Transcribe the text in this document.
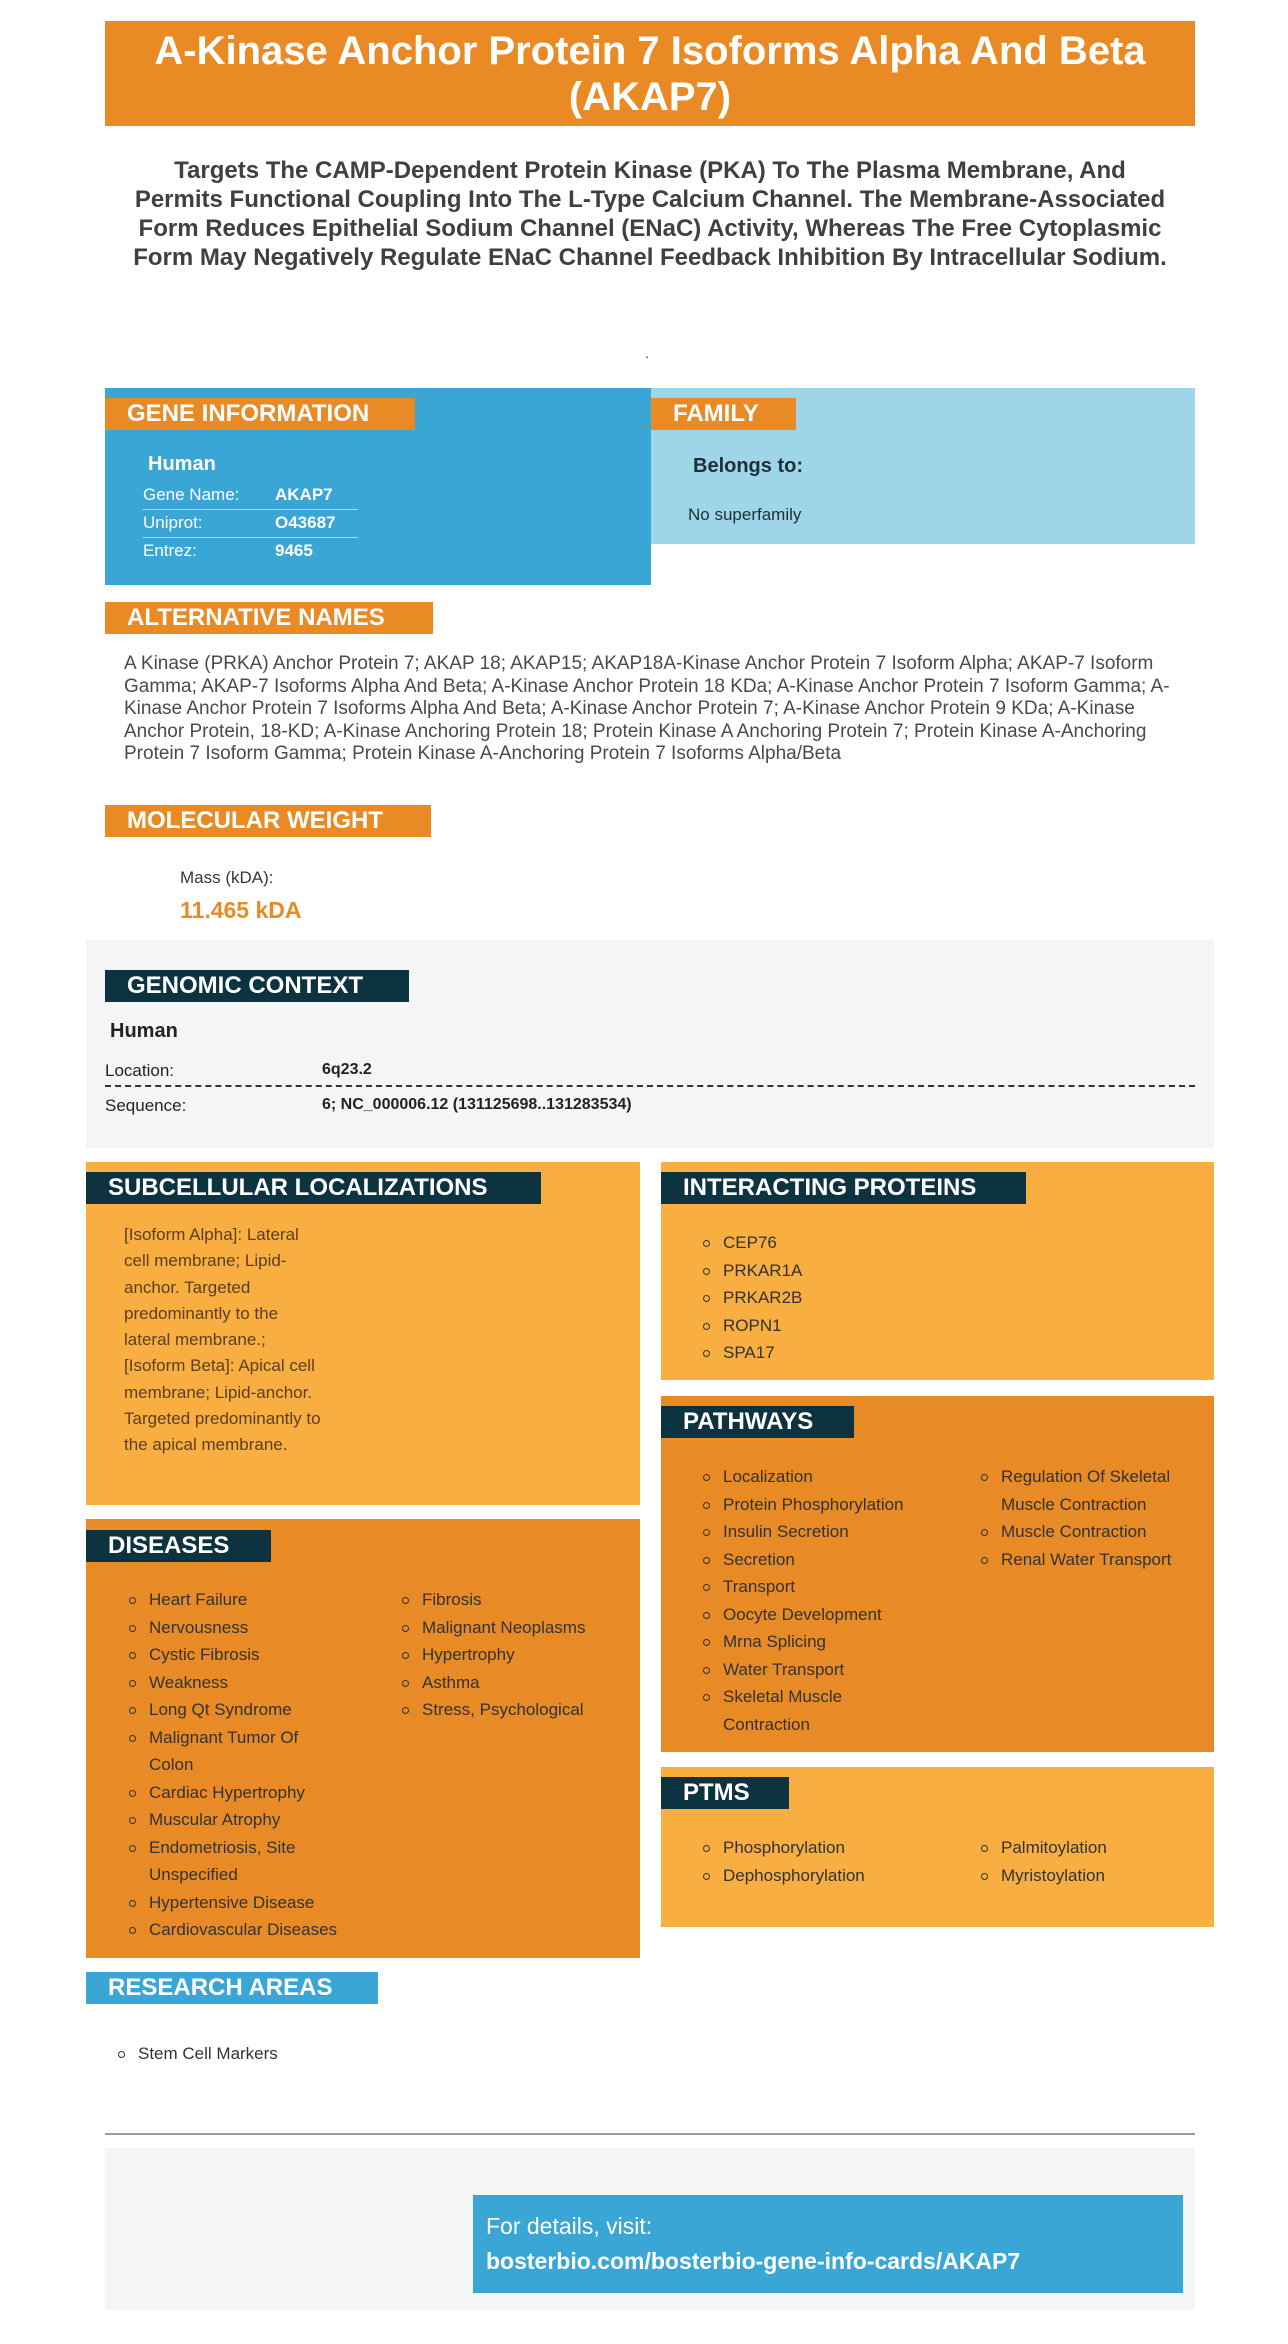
A-Kinase Anchor Protein 7 Isoforms Alpha And Beta (AKAP7)
Targets The CAMP-Dependent Protein Kinase (PKA) To The Plasma Membrane, And Permits Functional Coupling Into The L-Type Calcium Channel. The Membrane-Associated Form Reduces Epithelial Sodium Channel (ENaC) Activity, Whereas The Free Cytoplasmic Form May Negatively Regulate ENaC Channel Feedback Inhibition By Intracellular Sodium.
.
GENE INFORMATION
Human
Gene Name: AKAP7
Uniprot:	O43687
Entrez:	9465
FAMILY
Belongs to:
No superfamily
ALTERNATIVE NAMES
A Kinase (PRKA) Anchor Protein 7; AKAP 18; AKAP15; AKAP18A-Kinase Anchor Protein 7 Isoform Alpha; AKAP-7 Isoform Gamma; AKAP-7 Isoforms Alpha And Beta; A-Kinase Anchor Protein 18 KDa; A-Kinase Anchor Protein 7 Isoform Gamma; A-Kinase Anchor Protein 7 Isoforms Alpha And Beta; A-Kinase Anchor Protein 7; A-Kinase Anchor Protein 9 KDa; A-Kinase Anchor Protein, 18-KD; A-Kinase Anchoring Protein 18; Protein Kinase A Anchoring Protein 7; Protein Kinase A-Anchoring Protein 7 Isoform Gamma; Protein Kinase A-Anchoring Protein 7 Isoforms Alpha/Beta
MOLECULAR WEIGHT
Mass (kDA):
11.465 kDA
GENOMIC CONTEXT
Human
Location:	6q23.2
Sequence:	6; NC_000006.12 (131125698..131283534)
SUBCELLULAR LOCALIZATIONS
[Isoform Alpha]: Lateral cell membrane; Lipid-anchor. Targeted predominantly to the lateral membrane.; [Isoform Beta]: Apical cell membrane; Lipid-anchor. Targeted predominantly to the apical membrane.
INTERACTING PROTEINS
CEP76
PRKAR1A
PRKAR2B
ROPN1
SPA17
PATHWAYS
Localization
Protein Phosphorylation
Insulin Secretion
Secretion
Transport
Oocyte Development
Mrna Splicing
Water Transport
Skeletal Muscle Contraction
Regulation Of Skeletal Muscle Contraction
Muscle Contraction
Renal Water Transport
DISEASES
Heart Failure
Nervousness
Cystic Fibrosis
Weakness
Long Qt Syndrome
Malignant Tumor Of Colon
Cardiac Hypertrophy
Muscular Atrophy
Endometriosis, Site Unspecified
Hypertensive Disease
Cardiovascular Diseases
Fibrosis
Malignant Neoplasms
Hypertrophy
Asthma
Stress, Psychological
PTMS
Phosphorylation
Dephosphorylation
Palmitoylation
Myristoylation
RESEARCH AREAS
Stem Cell Markers
For details, visit:
bosterbio.com/bosterbio-gene-info-cards/AKAP7
